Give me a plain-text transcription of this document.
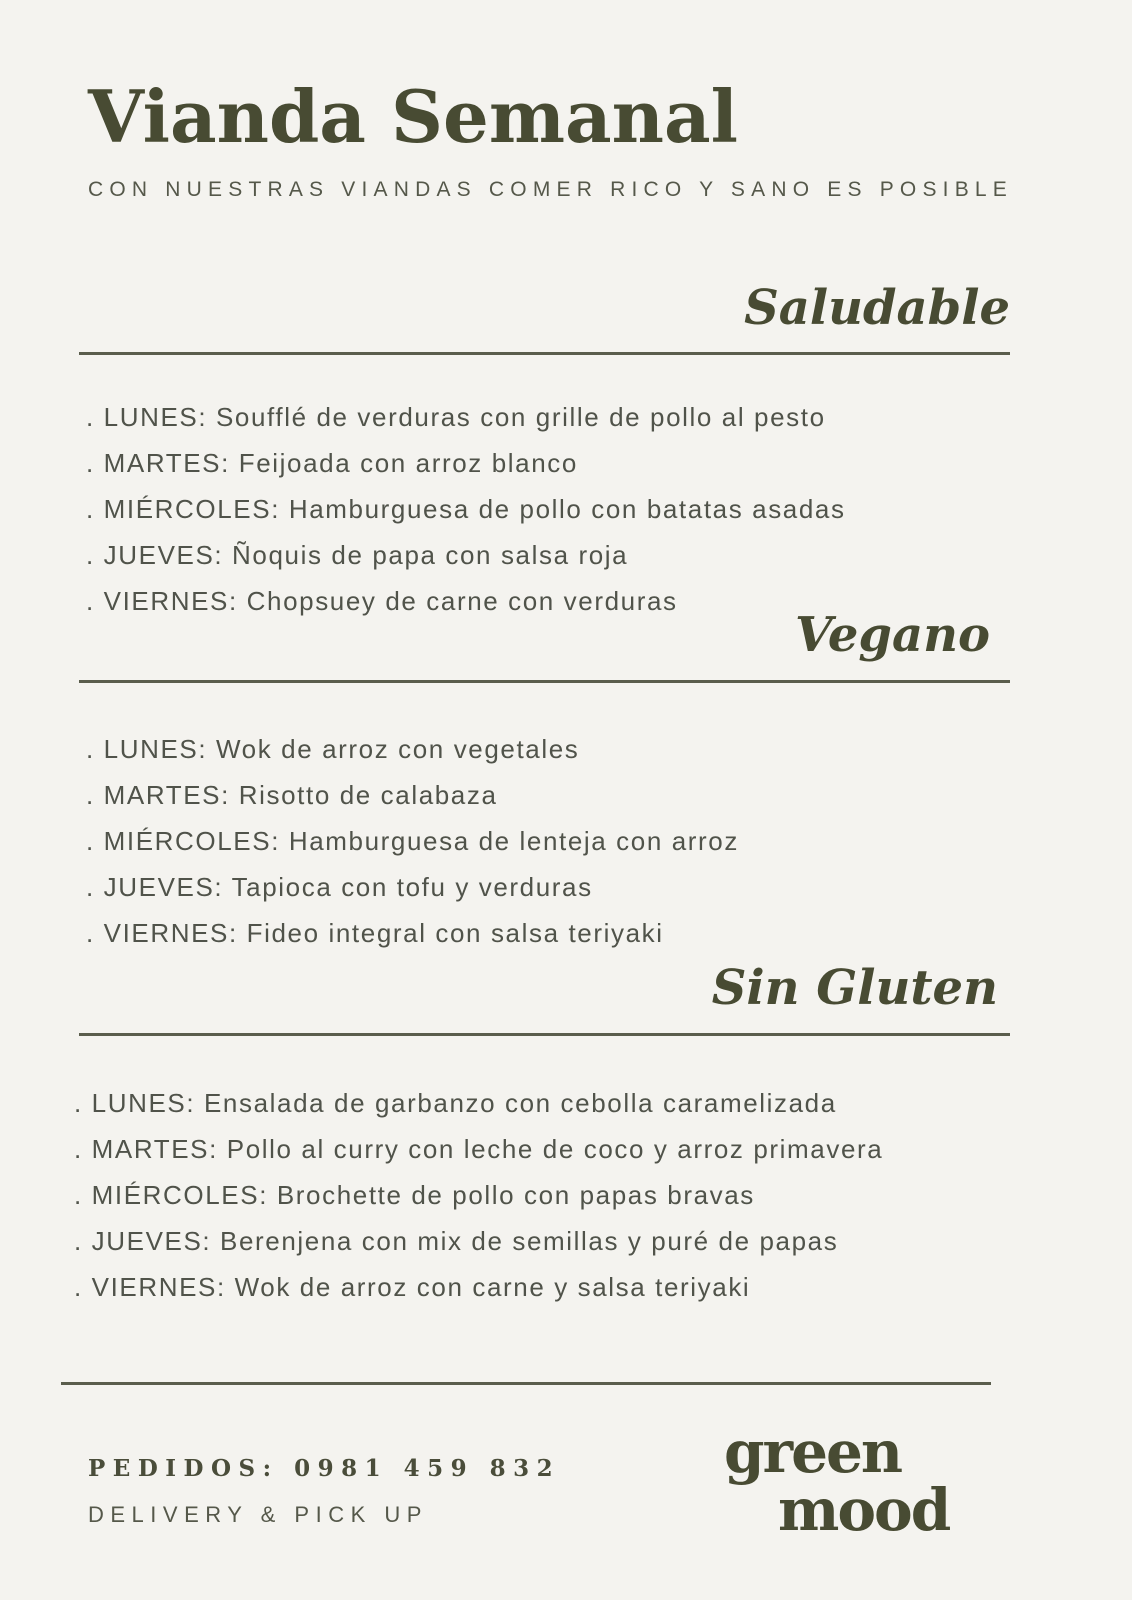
Vianda Semanal
CON NUESTRAS VIANDAS COMER RICO Y SANO ES POSIBLE
Saludable
. LUNES: Soufflé de verduras con grille de pollo al pesto
. MARTES: Feijoada con arroz blanco
. MIÉRCOLES: Hamburguesa de pollo con batatas asadas
. JUEVES: Ñoquis de papa con salsa roja
. VIERNES: Chopsuey de carne con verduras
Vegano
. LUNES: Wok de arroz con vegetales
. MARTES: Risotto de calabaza
. MIÉRCOLES: Hamburguesa de lenteja con arroz
. JUEVES: Tapioca con tofu y verduras
. VIERNES: Fideo integral con salsa teriyaki
Sin Gluten
. LUNES: Ensalada de garbanzo con cebolla caramelizada
. MARTES: Pollo al curry con leche de coco y arroz primavera
. MIÉRCOLES: Brochette de pollo con papas bravas
. JUEVES: Berenjena con mix de semillas y puré de papas
. VIERNES: Wok de arroz con carne y salsa teriyaki
PEDIDOS: 0981 459 832
DELIVERY & PICK UP
green
mood
